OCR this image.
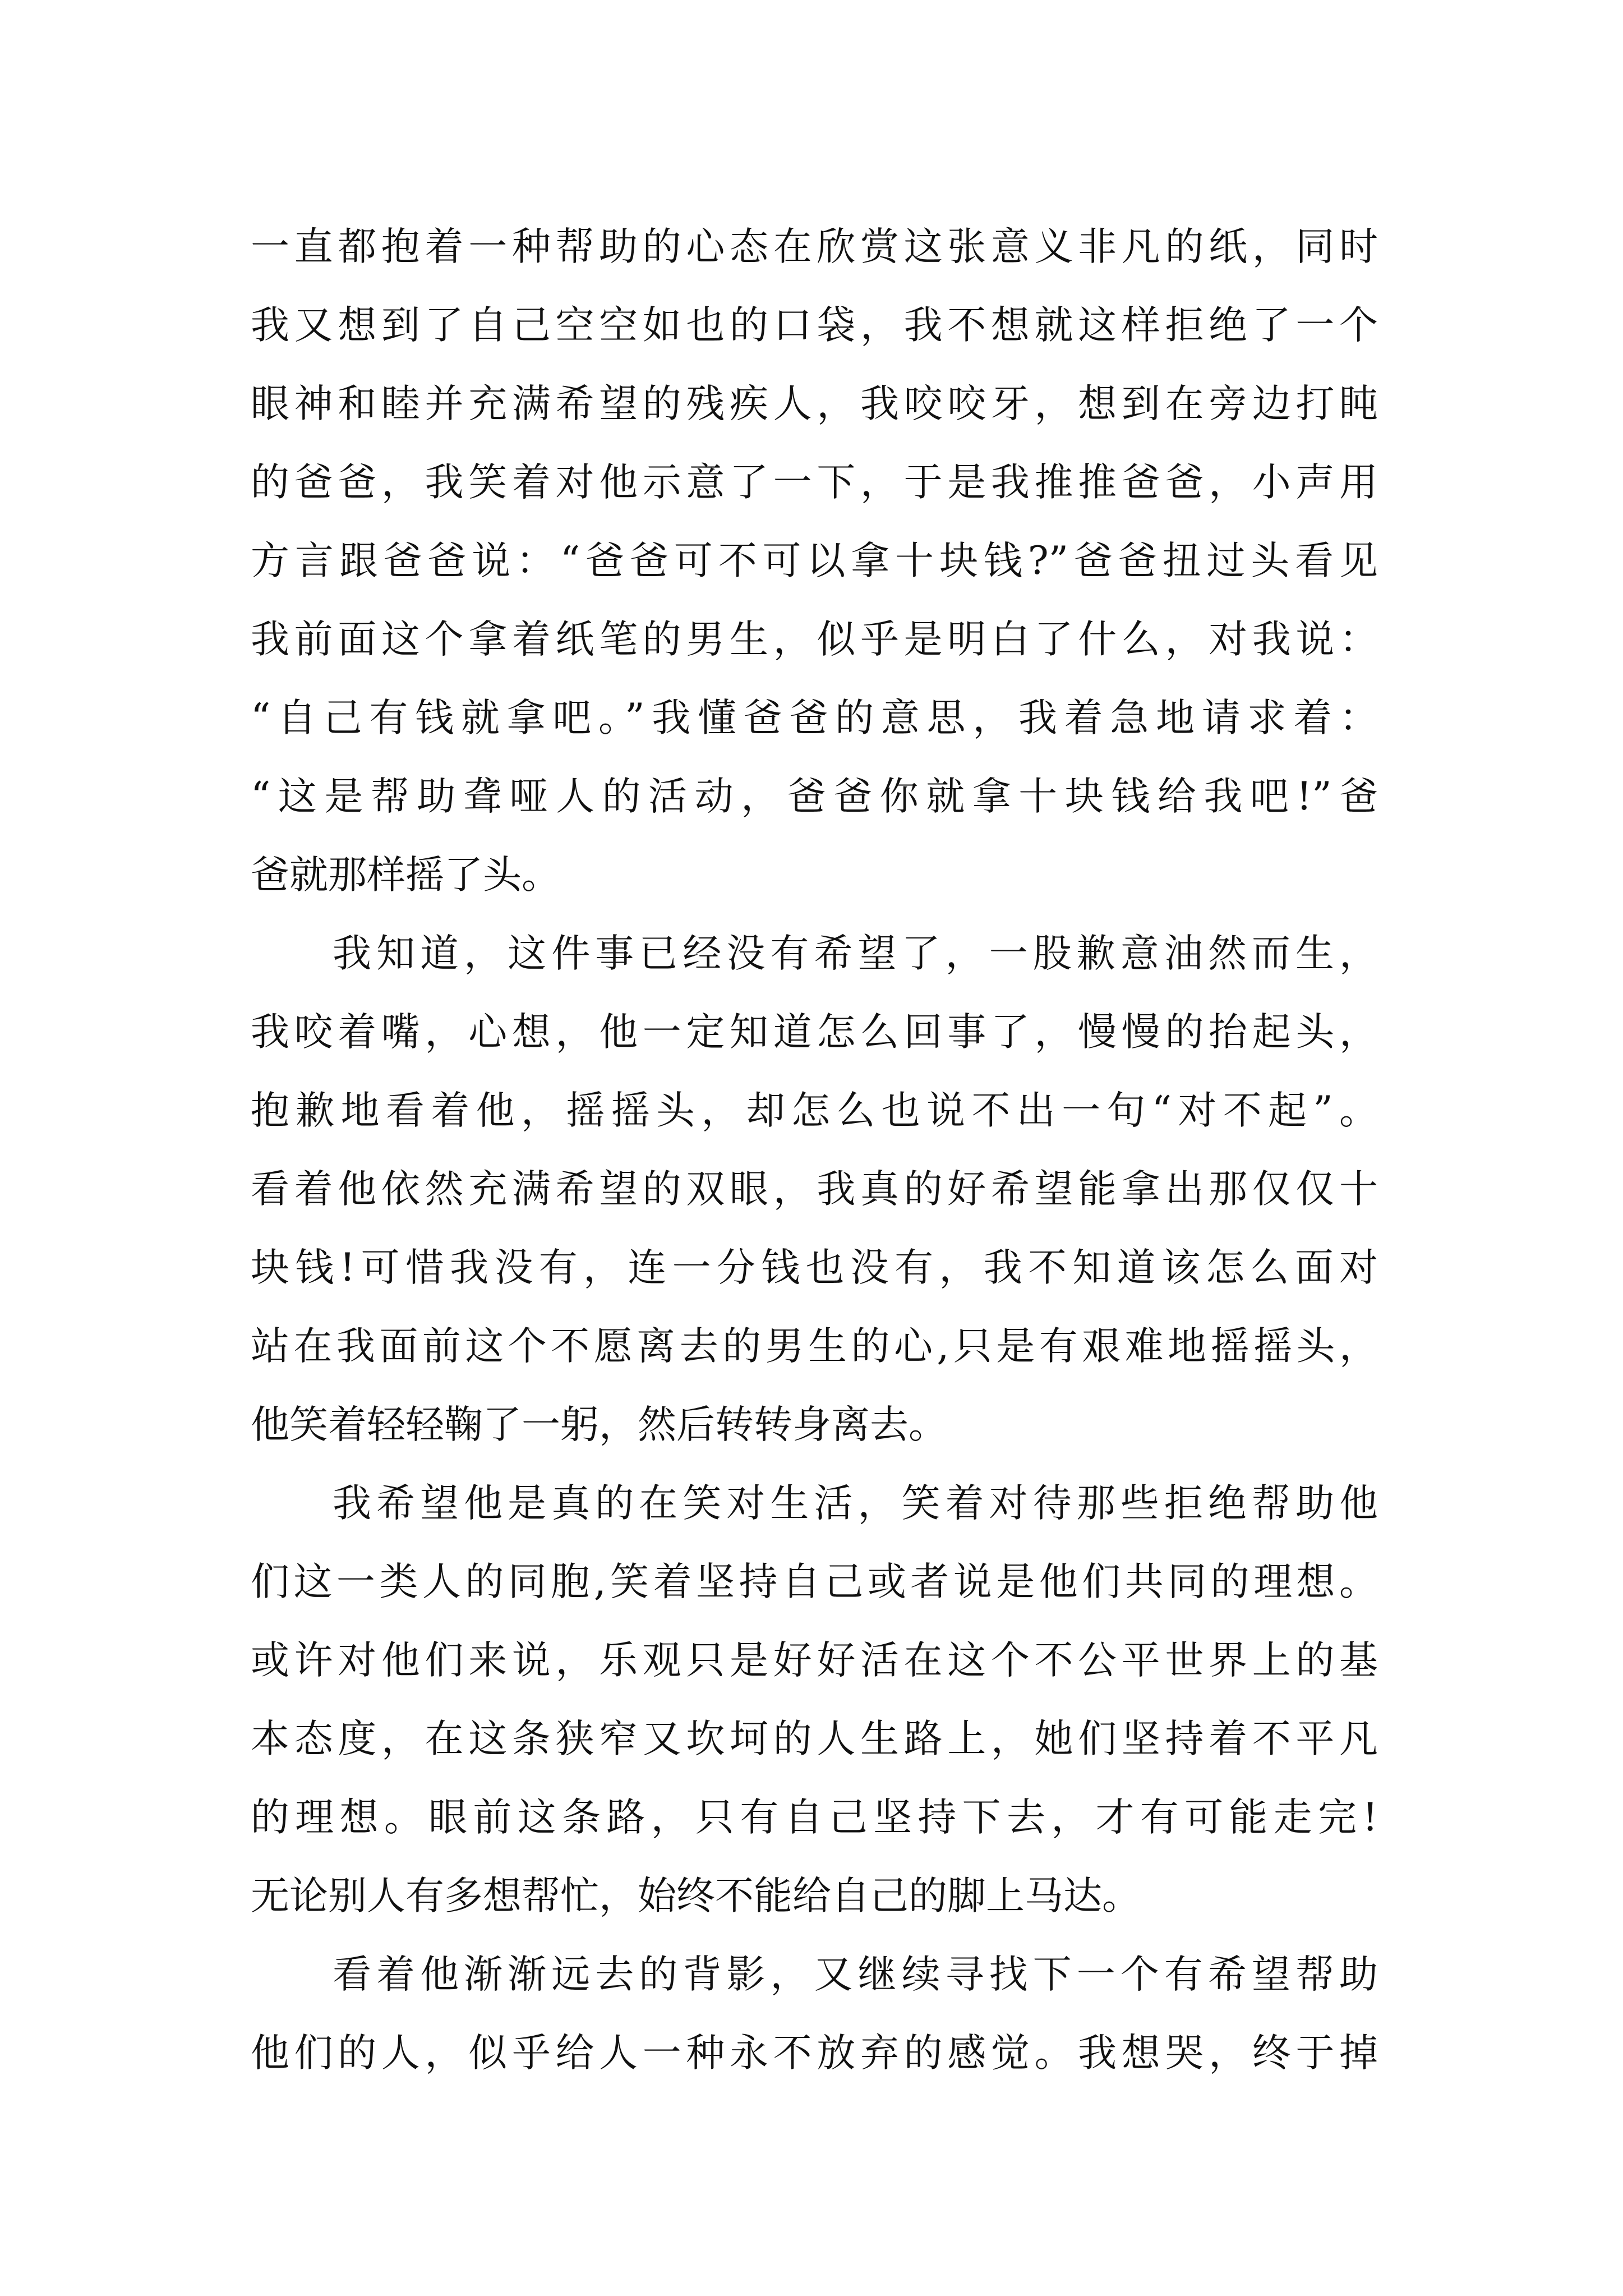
一直都抱着一种帮助的心态在欣赏这张意义非凡的纸，同时
我又想到了自己空空如也的口袋，我不想就这样拒绝了一个
眼神和睦并充满希望的残疾人，我咬咬牙，想到在旁边打盹
的爸爸，我笑着对他示意了一下，于是我推推爸爸，小声用
方言跟爸爸说：“爸爸可不可以拿十块钱?”爸爸扭过头看见
我前面这个拿着纸笔的男生，似乎是明白了什么，对我说：
“自己有钱就拿吧。”我懂爸爸的意思，我着急地请求着：
“这是帮助聋哑人的活动，爸爸你就拿十块钱给我吧!”爸
爸就那样摇了头。
我知道，这件事已经没有希望了，一股歉意油然而生，
我咬着嘴，心想，他一定知道怎么回事了，慢慢的抬起头，
抱歉地看着他，摇摇头，却怎么也说不出一句“对不起”。
看着他依然充满希望的双眼，我真的好希望能拿出那仅仅十
块钱!可惜我没有，连一分钱也没有，我不知道该怎么面对
站在我面前这个不愿离去的男生的心,只是有艰难地摇摇头，
他笑着轻轻鞠了一躬，然后转转身离去。
我希望他是真的在笑对生活，笑着对待那些拒绝帮助他
们这一类人的同胞,笑着坚持自己或者说是他们共同的理想。
或许对他们来说，乐观只是好好活在这个不公平世界上的基
本态度，在这条狭窄又坎坷的人生路上，她们坚持着不平凡
的理想。眼前这条路，只有自己坚持下去，才有可能走完!
无论别人有多想帮忙，始终不能给自己的脚上马达。
看着他渐渐远去的背影，又继续寻找下一个有希望帮助
他们的人，似乎给人一种永不放弃的感觉。我想哭，终于掉
